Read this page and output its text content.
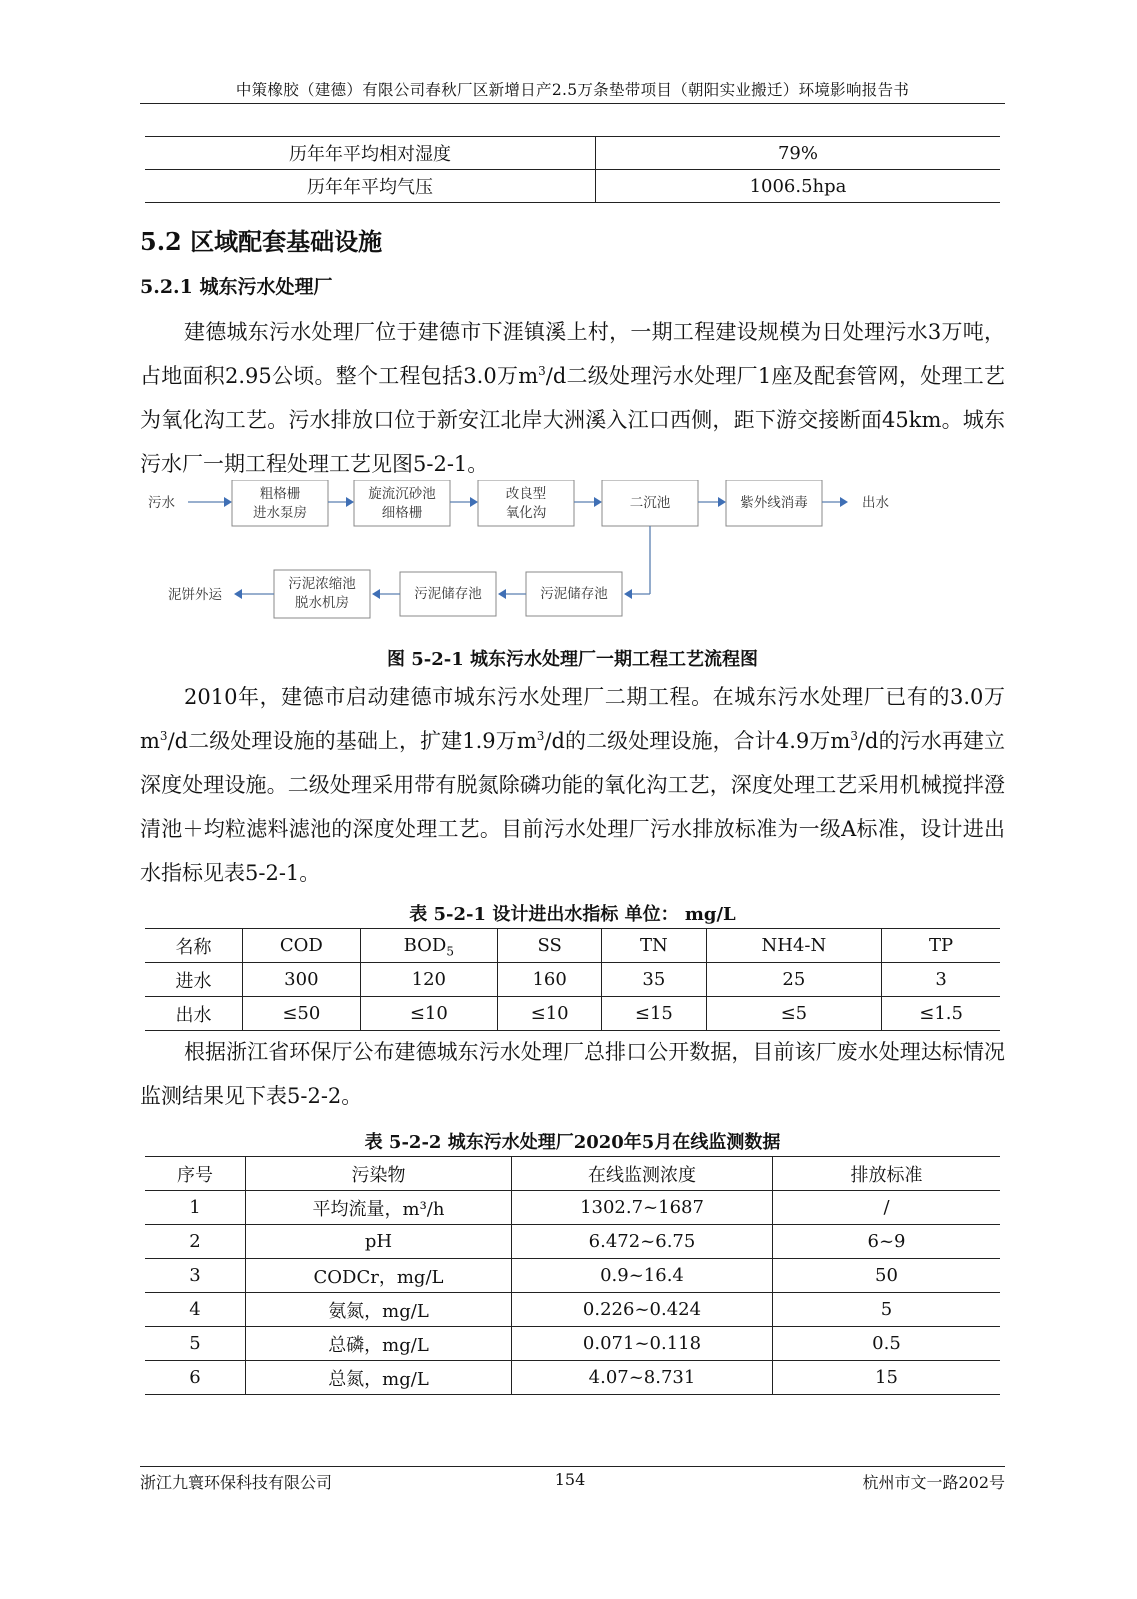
中策橡胶（建德）有限公司春秋厂区新增日产2.5万条垫带项目（朝阳实业搬迁）环境影响报告书
历年年平均相对湿度	79%
历年年平均气压	1006.5hpa
5.2 区域配套基础设施
5.2.1 城东污水处理厂

建德城东污水处理厂位于建德市下涯镇溪上村，一期工程建设规模为日处理污水3万吨，占地面积2.95公顷。整个工程包括3.0万$m^3/d$二级处理污水处理厂1座及配套管网，处理工艺为氧化沟工艺。污水排放口位于新安江北岸大洲溪入江口西侧，距下游交接断面45km。城东污水厂一期工程处理工艺见图5-2-1。

污水
粗格栅
进水泵房
旋流沉砂池
细格栅
改良型
氧化沟
二沉池	紫外线消毒	出水
污泥储存池
污泥储存池
污泥浓缩池
脱水机房
泥饼外运
图 5-2-1 城东污水处理厂一期工程工艺流程图

2010年，建德市启动建德市城东污水处理厂二期工程。在城东污水处理厂已有的3.0万$m^3/d$二级处理设施的基础上，扩建1.9万$m^3/d$的二级处理设施，合计4.9万$m^3/d$的污水再建立深度处理设施。二级处理采用带有脱氮除磷功能的氧化沟工艺，深度处理工艺采用机械搅拌澄清池＋均粒滤料滤池的深度处理工艺。目前污水处理厂污水排放标准为一级A标准，设计进出水指标见表5-2-1。

表 5-2-1 设计进出水指标 单位： mg/L
名称	COD	$BOD_5$	SS	TN	NH4-N	TP
进水	300	120	160	35	25	3
出水	≤50	≤10	≤10	≤15	≤5	≤1.5

根据浙江省环保厅公布建德城东污水处理厂总排口公开数据，目前该厂废水处理达标情况监测结果见下表5-2-2。

表 5-2-2 城东污水处理厂2020年5月在线监测数据
序号	污染物	在线监测浓度	排放标准
1	平均流量，m³/h	1302.7~1687	/
2	pH	6.472~6.75	6~9
3	CODCr，mg/L	0.9~16.4	50
4	氨氮，mg/L	0.226~0.424	5
5	总磷，mg/L	0.071~0.118	0.5
6	总氮，mg/L	4.07~8.731	15
浙江九寰环保科技有限公司	154	杭州市文一路202号
